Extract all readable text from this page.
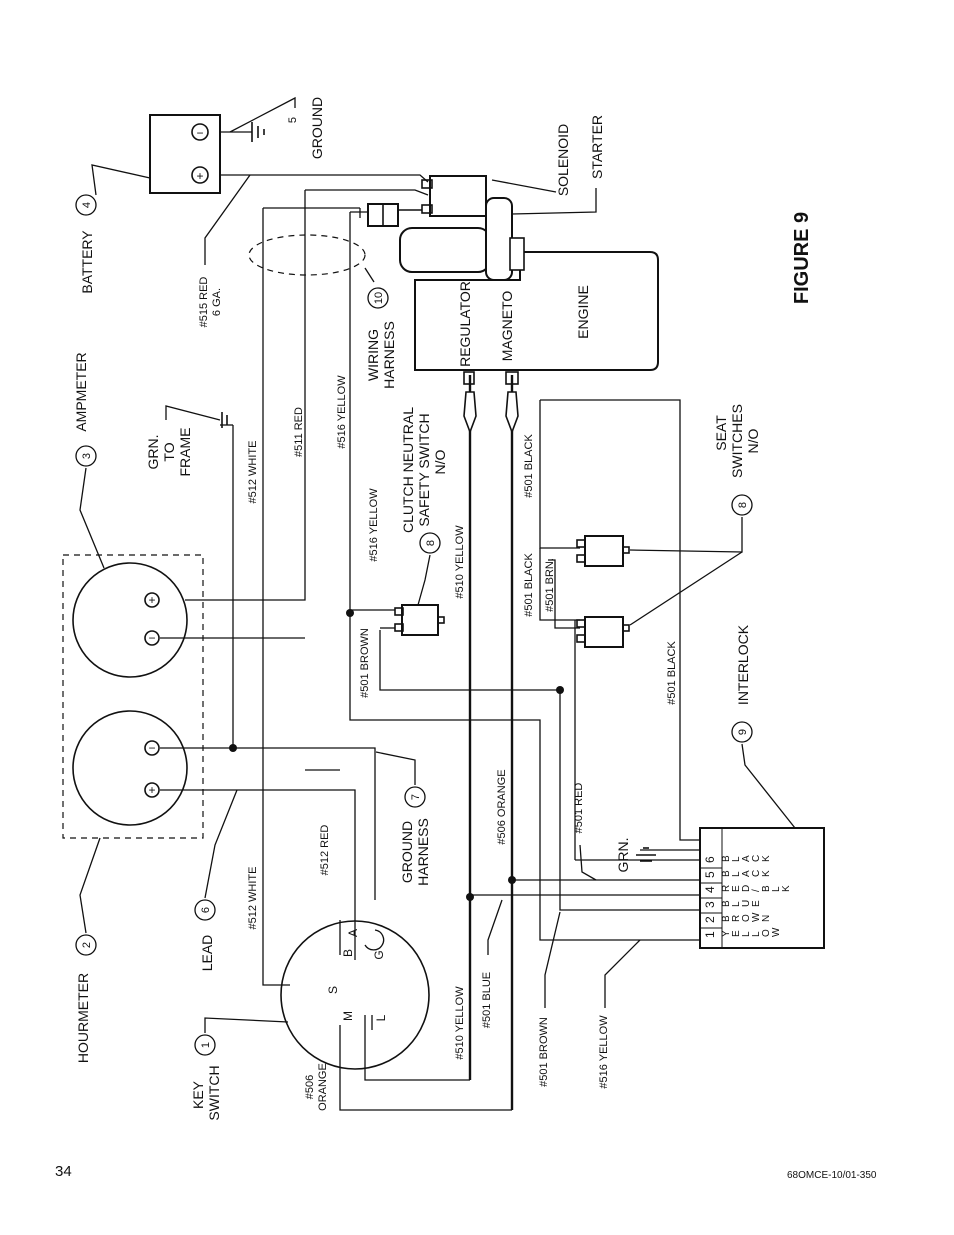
−
+
5 GROUND
4
BATTERY
REGULATOR MAGNETO	ENGINE
SOLENOID STARTER
10
WIRING HARNESS
#515 RED 6 GA.	FIGURE 9
+
−
−
+
3
AMPMETER
2
HOURMETER
GRN. TO FRAME
S
B
A
G
M L
1
KEY SWITCH
6
LEAD
7
GROUND HARNESS
8
CLUTCH NEUTRAL SAFETY SWITCH N/O
8
SEAT SWITCHES N/O
1 Y E L L O W
2 B R O W N
3 B L U E
4 R E D / B L K
5 B L A C K
6 B L A C K
9
INTERLOCK
GRN.
#512 WHITE
#511 RED	#516 YELLOW
#516 YELLOW
#501 BROWN
#510 YELLOW
#501 BLACK
#501 BLACK #501 BRN.
#501 BLACK
#506 ORANGE
#512 RED
#512 WHITE
#501 RED
#510 YELLOW #501 BLUE
#501 BROWN	#516 YELLOW
#506 ORANGE
34	68OMCE-10/01-350
